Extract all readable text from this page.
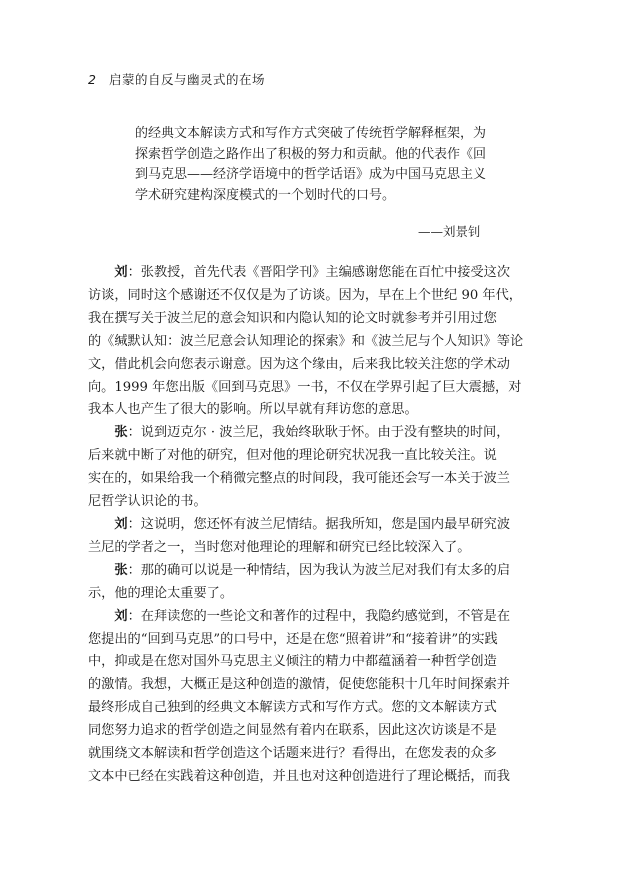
2 启蒙的自反与幽灵式的在场
的经典文本解读方式和写作方式突破了传统哲学解释框架，为
探索哲学创造之路作出了积极的努力和贡献。他的代表作《回
到马克思——经济学语境中的哲学话语》成为中国马克思主义
学术研究建构深度模式的一个划时代的口号。
——刘景钊
刘：张教授，首先代表《晋阳学刊》主编感谢您能在百忙中接受这次
访谈，同时这个感谢还不仅仅是为了访谈。因为，早在上个世纪 90 年代，
我在撰写关于波兰尼的意会知识和内隐认知的论文时就参考并引用过您
的《缄默认知：波兰尼意会认知理论的探索》和《波兰尼与个人知识》等论
文，借此机会向您表示谢意。因为这个缘由，后来我比较关注您的学术动
向。1999 年您出版《回到马克思》一书，不仅在学界引起了巨大震撼，对
我本人也产生了很大的影响。所以早就有拜访您的意思。
张：说到迈克尔 · 波兰尼，我始终耿耿于怀。由于没有整块的时间，
后来就中断了对他的研究，但对他的理论研究状况我一直比较关注。说
实在的，如果给我一个稍微完整点的时间段，我可能还会写一本关于波兰
尼哲学认识论的书。
刘：这说明，您还怀有波兰尼情结。据我所知，您是国内最早研究波
兰尼的学者之一，当时您对他理论的理解和研究已经比较深入了。
张：那的确可以说是一种情结，因为我认为波兰尼对我们有太多的启
示，他的理论太重要了。
刘：在拜读您的一些论文和著作的过程中，我隐约感觉到，不管是在
您提出的“回到马克思”的口号中，还是在您“照着讲”和“接着讲”的实践
中，抑或是在您对国外马克思主义倾注的精力中都蕴涵着一种哲学创造
的激情。我想，大概正是这种创造的激情，促使您能积十几年时间探索并
最终形成自己独到的经典文本解读方式和写作方式。您的文本解读方式
同您努力追求的哲学创造之间显然有着内在联系，因此这次访谈是不是
就围绕文本解读和哲学创造这个话题来进行？看得出，在您发表的众多
文本中已经在实践着这种创造，并且也对这种创造进行了理论概括，而我
